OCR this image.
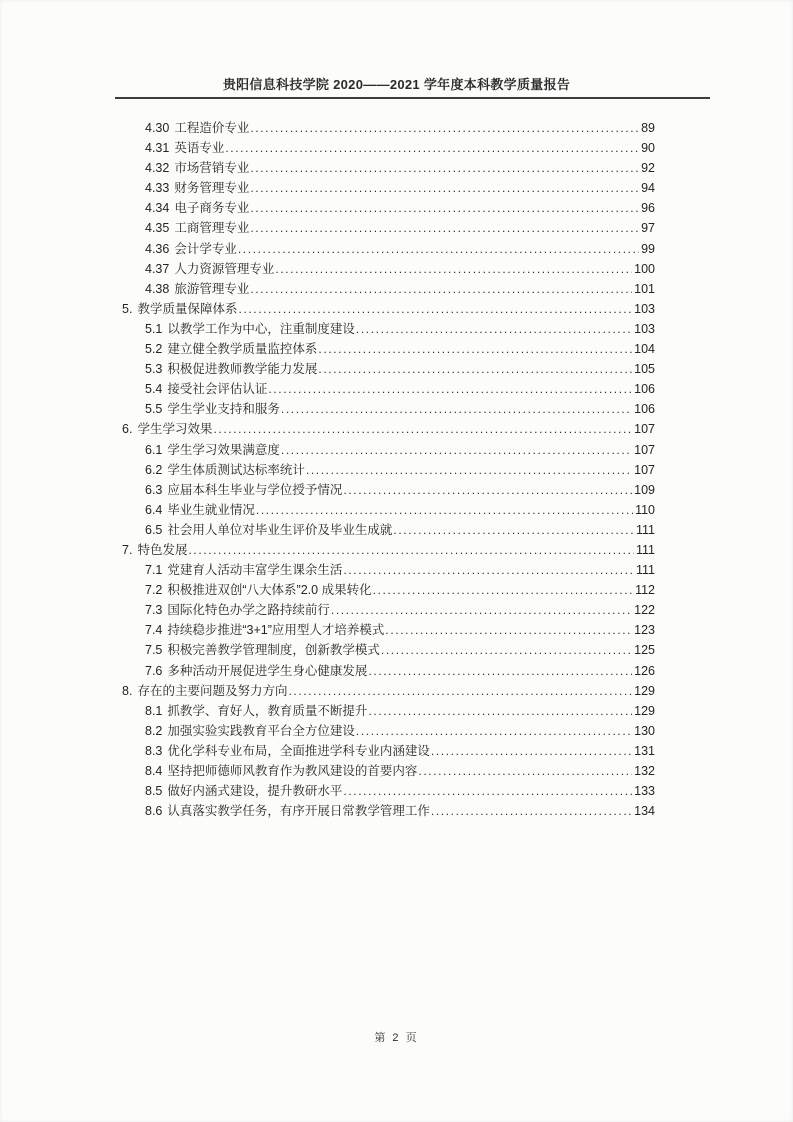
贵阳信息科技学院 2020——2021 学年度本科教学质量报告
4.30 工程造价专业 .....	89
4.31 英语专业 .....	90
4.32 市场营销专业 .....	92
4.33 财务管理专业 .....	94
4.34 电子商务专业 .....	96
4.35 工商管理专业 .....	97
4.36 会计学专业 .....	99
4.37 人力资源管理专业 .....	100
4.38 旅游管理专业 .....	101
5. 教学质量保障体系 .....	103
5.1 以教学工作为中心，注重制度建设 .....	103
5.2 建立健全教学质量监控体系 .....	104
5.3 积极促进教师教学能力发展 .....	105
5.4 接受社会评估认证 .....	106
5.5 学生学业支持和服务 .....	106
6. 学生学习效果 .....	107
6.1 学生学习效果满意度 .....	107
6.2 学生体质测试达标率统计 .....	107
6.3 应届本科生毕业与学位授予情况 .....	109
6.4 毕业生就业情况 .....	110
6.5 社会用人单位对毕业生评价及毕业生成就 .....	111
7. 特色发展 .....	111
7.1 党建育人活动丰富学生课余生活 .....	111
7.2 积极推进双创“八大体系”2.0 成果转化 .....	112
7.3 国际化特色办学之路持续前行 .....	122
7.4 持续稳步推进“3+1”应用型人才培养模式 .....	123
7.5 积极完善教学管理制度，创新教学模式 .....	125
7.6 多种活动开展促进学生身心健康发展 .....	126
8. 存在的主要问题及努力方向 .....	129
8.1 抓教学、育好人，教育质量不断提升 .....	129
8.2 加强实验实践教育平台全方位建设 .....	130
8.3 优化学科专业布局，全面推进学科专业内涵建设 .....	131
8.4 坚持把师德师风教育作为教风建设的首要内容 .....	132
8.5 做好内涵式建设，提升教研水平 .....	133
8.6 认真落实教学任务，有序开展日常教学管理工作 .....	134
第 2 页
